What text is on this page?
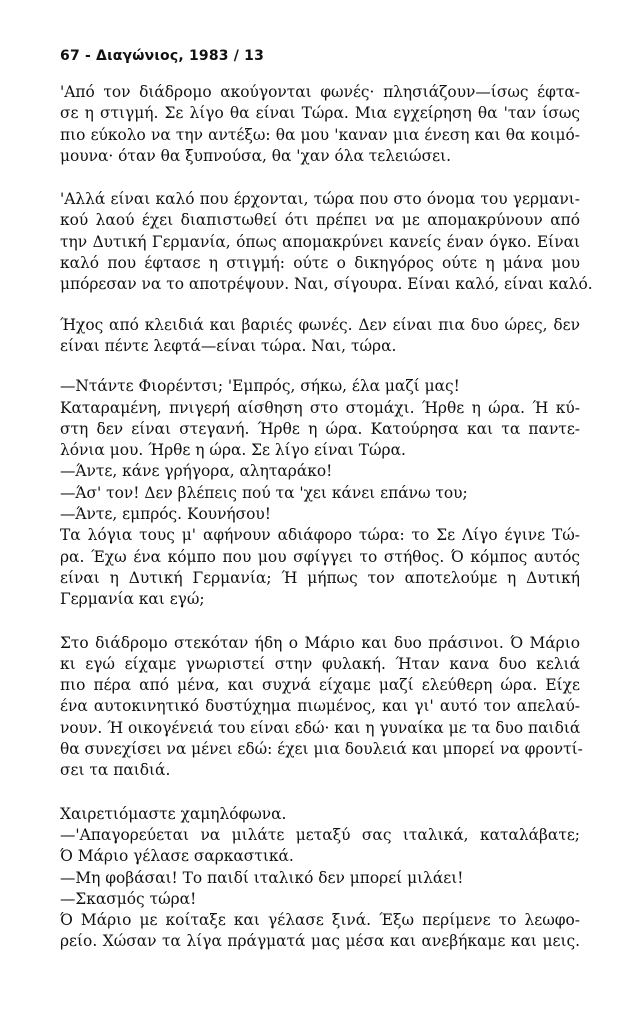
67 - Διαγώνιος, 1983 / 13
'Από τον διάδρομο ακούγονται φωνές· πλησιάζουν—ίσως έφτα-
σε η στιγμή. Σε λίγο θα είναι Τώρα. Μια εγχείρηση θα 'ταν ίσως
πιο εύκολο να την αντέξω: θα μου 'καναν μια ένεση και θα κοιμό-
μουνα· όταν θα ξυπνούσα, θα 'χαν όλα τελειώσει.
'Αλλά είναι καλό που έρχονται, τώρα που στο όνομα του γερμανι-
κού λαού έχει διαπιστωθεί ότι πρέπει να με απομακρύνουν από
την Δυτική Γερμανία, όπως απομακρύνει κανείς έναν όγκο. Είναι
καλό που έφτασε η στιγμή: ούτε ο δικηγόρος ούτε η μάνα μου
μπόρεσαν να το αποτρέψουν. Ναι, σίγουρα. Είναι καλό, είναι καλό.
Ήχος από κλειδιά και βαριές φωνές. Δεν είναι πια δυο ώρες, δεν
είναι πέντε λεφτά—είναι τώρα. Ναι, τώρα.
—Ντάντε Φιορέντσι; 'Εμπρός, σήκω, έλα μαζί μας!
Καταραμένη, πνιγερή αίσθηση στο στομάχι. Ήρθε η ώρα. Ή κύ-
στη δεν είναι στεγανή. Ήρθε η ώρα. Κατούρησα και τα παντε-
λόνια μου. Ήρθε η ώρα. Σε λίγο είναι Τώρα.
—Άντε, κάνε γρήγορα, αληταράκο!
—Άσ' τον! Δεν βλέπεις πού τα 'χει κάνει επάνω του;
—Άντε, εμπρός. Κουνήσου!
Τα λόγια τους μ' αφήνουν αδιάφορο τώρα: το Σε Λίγο έγινε Τώ-
ρα. Έχω ένα κόμπο που μου σφίγγει το στήθος. Ό κόμπος αυτός
είναι η Δυτική Γερμανία; Ή μήπως τον αποτελούμε η Δυτική
Γερμανία και εγώ;
Στο διάδρομο στεκόταν ήδη ο Μάριο και δυο πράσινοι. Ό Μάριο
κι εγώ είχαμε γνωριστεί στην φυλακή. Ήταν κανα δυο κελιά
πιο πέρα από μένα, και συχνά είχαμε μαζί ελεύθερη ώρα. Είχε
ένα αυτοκινητικό δυστύχημα πιωμένος, και γι' αυτό τον απελαύ-
νουν. Ή οικογένειά του είναι εδώ· και η γυναίκα με τα δυο παιδιά
θα συνεχίσει να μένει εδώ: έχει μια δουλειά και μπορεί να φροντί-
σει τα παιδιά.
Χαιρετιόμαστε χαμηλόφωνα.
—'Απαγορεύεται να μιλάτε μεταξύ σας ιταλικά, καταλάβατε;
Ό Μάριο γέλασε σαρκαστικά.
—Μη φοβάσαι! Το παιδί ιταλικό δεν μπορεί μιλάει!
—Σκασμός τώρα!
Ό Μάριο με κοίταξε και γέλασε ξινά. Έξω περίμενε το λεωφο-
ρείο. Χώσαν τα λίγα πράγματά μας μέσα και ανεβήκαμε και μεις.
